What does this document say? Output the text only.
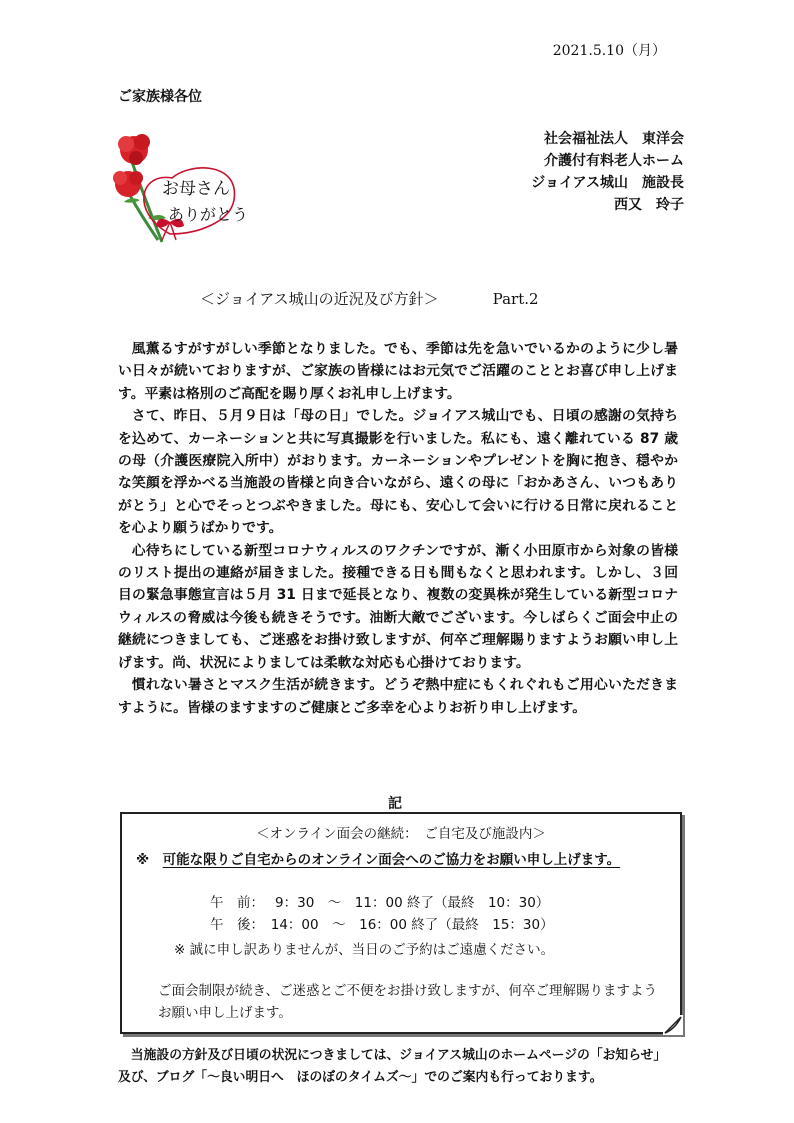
2021.5.10（月）
ご家族様各位
社会福祉法人　東洋会
介護付有料老人ホーム
ジョイアス城山　施設長
西又　玲子
お母さん
ありがとう
＜ジョイアス城山の近況及び方針＞	Part.2

風薫るすがすがしい季節となりました。でも、季節は先を急いでいるかのように少し暑い日々が続いておりますが、ご家族の皆様にはお元気でご活躍のこととお喜び申し上げます。平素は格別のご高配を賜り厚くお礼申し上げます。

さて、昨日、５月９日は「母の日」でした。ジョイアス城山でも、日頃の感謝の気持ちを込めて、カーネーションと共に写真撮影を行いました。私にも、遠く離れている 87 歳の母（介護医療院入所中）がおります。カーネーションやプレゼントを胸に抱き、穏やかな笑顔を浮かべる当施設の皆様と向き合いながら、遠くの母に「おかあさん、いつもありがとう」と心でそっとつぶやきました。母にも、安心して会いに行ける日常に戻れることを心より願うばかりです。

心待ちにしている新型コロナウィルスのワクチンですが、漸く小田原市から対象の皆様のリスト提出の連絡が届きました。接種できる日も間もなくと思われます。しかし、３回目の緊急事態宣言は５月 31 日まで延長となり、複数の変異株が発生している新型コロナウィルスの脅威は今後も続きそうです。油断大敵でございます。今しばらくご面会中止の継続につきましても、ご迷惑をお掛け致しますが、何卒ご理解賜りますようお願い申し上げます。尚、状況によりましては柔軟な対応も心掛けております。

慣れない暑さとマスク生活が続きます。どうぞ熱中症にもくれぐれもご用心いただきますように。皆様のますますのご健康とご多幸を心よりお祈り申し上げます。

記
＜オンライン面会の継続：　ご自宅及び施設内＞
※　 可能な限りご自宅からのオンライン面会へのご協力をお願い申し上げます。
午　前：　 9：30　～　11：00 終了（最終　10：30）
午　後：　14：00　～　16：00 終了（最終　15：30）
※ 誠に申し訳ありませんが、当日のご予約はご遠慮ください。
ご面会制限が続き、ご迷惑とご不便をお掛け致しますが、何卒ご理解賜りますようお願い申し上げます。

当施設の方針及び日頃の状況につきましては、ジョイアス城山のホームページの「お知らせ」及び、ブログ「～良い明日へ　ほのぼのタイムズ～」でのご案内も行っております。
